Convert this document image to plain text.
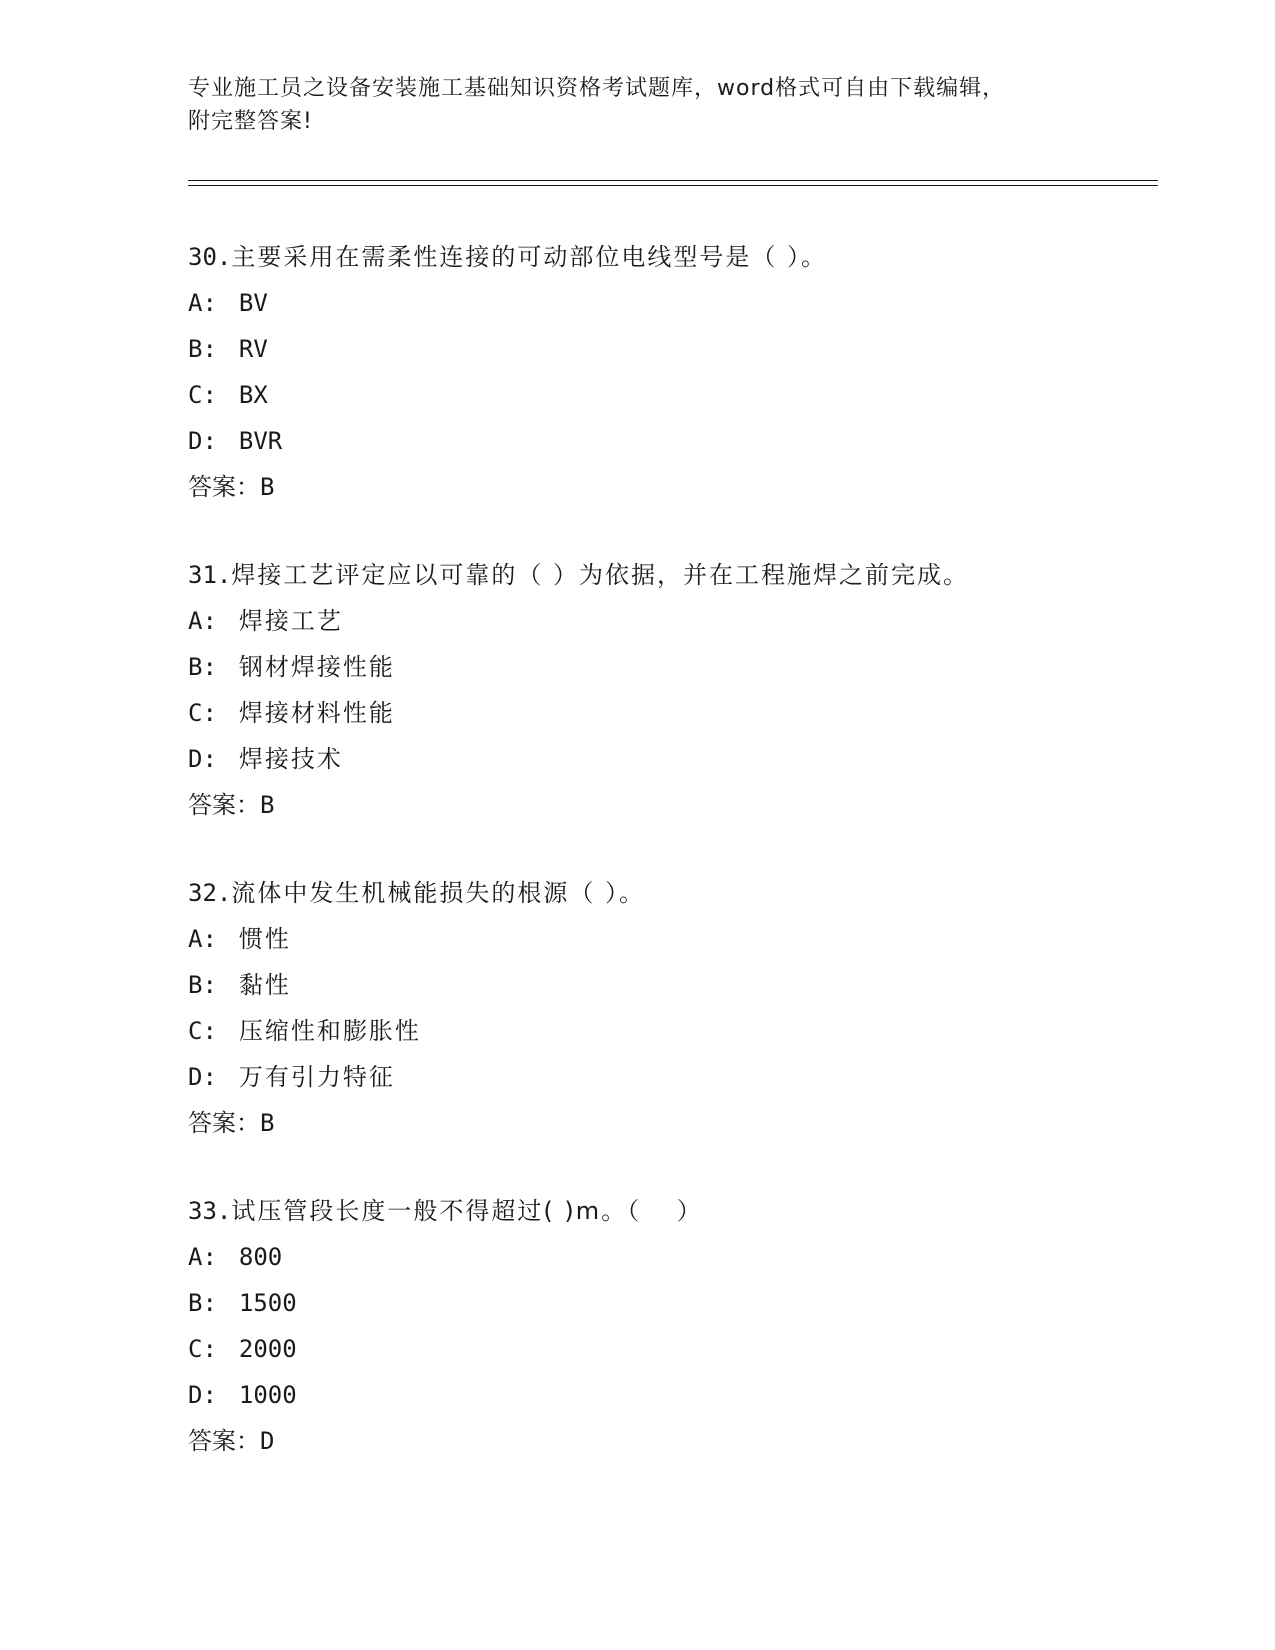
专业施工员之设备安装施工基础知识资格考试题库，word格式可自由下载编辑，
附完整答案!
30.主要采用在需柔性连接的可动部位电线型号是（ ）。
A: BV
B: RV
C: BX
D: BVR
答案：B
31.焊接工艺评定应以可靠的（ ）为依据，并在工程施焊之前完成。
A: 焊接工艺
B: 钢材焊接性能
C: 焊接材料性能
D: 焊接技术
答案：B
32.流体中发生机械能损失的根源（ ）。
A: 惯性
B: 黏性
C: 压缩性和膨胀性
D: 万有引力特征
答案：B
33.试压管段长度一般不得超过( )m。（　 ）
A: 800
B: 1500
C: 2000
D: 1000
答案：D
